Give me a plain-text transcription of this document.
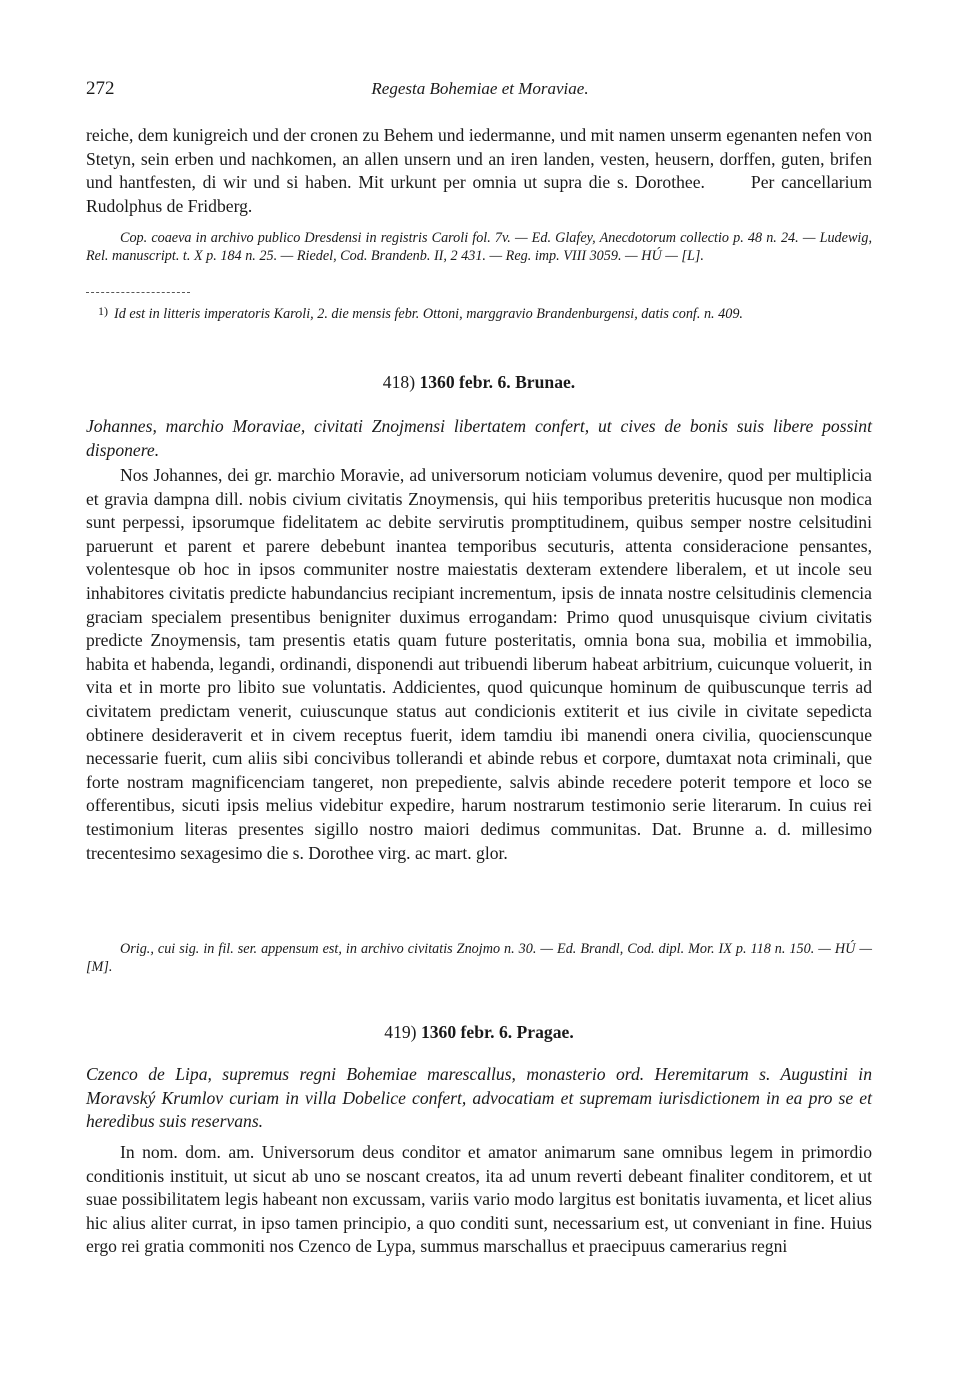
272	Regesta Bohemiae et Moraviae.

reiche, dem kunigreich und der cronen zu Behem und iedermanne, und mit namen unserm egenanten nefen von Stetyn, sein erben und nachkomen, an allen unsern und an iren landen, vesten, heusern, dorffen, guten, brifen und hantfesten, di wir und si haben. Mit urkunt per omnia ut supra die s. Dorothee.	Per cancellarium Rudolphus de Fridberg.

Cop. coaeva in archivo publico Dresdensi in registris Caroli fol. 7v. — Ed. Glafey, Anecdotorum collectio p. 48 n. 24. — Ludewig, Rel. manuscript. t. X p. 184 n. 25. — Riedel, Cod. Brandenb. II, 2 431. — Reg. imp. VIII 3059. — HÚ — [L].

1) Id est in litteris imperatoris Karoli, 2. die mensis febr. Ottoni, marggravio Brandenburgensi, datis conf. n. 409.

418) 1360 febr. 6. Brunae.

Johannes, marchio Moraviae, civitati Znojmensi libertatem confert, ut cives de bonis suis libere possint disponere.

Nos Johannes, dei gr. marchio Moravie, ad universorum noticiam volumus devenire, quod per multiplicia et gravia dampna dill. nobis civium civitatis Znoymensis, qui hiis temporibus preteritis hucusque non modica sunt perpessi, ipsorumque fidelitatem ac debite servirutis promptitudinem, quibus semper nostre celsitudini paruerunt et parent et parere debebunt inantea temporibus secuturis, attenta consideracione pensantes, volentesque ob hoc in ipsos communiter nostre maiestatis dexteram extendere liberalem, et ut incole seu inhabitores civitatis predicte habundancius recipiant incrementum, ipsis de innata nostre celsitudinis clemencia graciam specialem presentibus benigniter duximus errogandam: Primo quod unusquisque civium civitatis predicte Znoymensis, tam presentis etatis quam future posteritatis, omnia bona sua, mobilia et immobilia, habita et habenda, legandi, ordinandi, disponendi aut tribuendi liberum habeat arbitrium, cuicunque voluerit, in vita et in morte pro libito sue voluntatis. Addicientes, quod quicunque hominum de quibuscunque terris ad civitatem predictam venerit, cuiuscunque status aut condicionis extiterit et ius civile in civitate sepedicta obtinere desideraverit et in civem receptus fuerit, idem tamdiu ibi manendi onera civilia, quocienscunque necessarie fuerit, cum aliis sibi concivibus tollerandi et abinde rebus et corpore, dumtaxat nota criminali, que forte nostram magnificenciam tangeret, non prepediente, salvis abinde recedere poterit tempore et loco se offerentibus, sicuti ipsis melius videbitur expedire, harum nostrarum testimonio serie literarum. In cuius rei testimonium literas presentes sigillo nostro maiori dedimus communitas. Dat. Brunne a. d. millesimo trecentesimo sexagesimo die s. Dorothee virg. ac mart. glor.

Orig., cui sig. in fil. ser. appensum est, in archivo civitatis Znojmo n. 30. — Ed. Brandl, Cod. dipl. Mor. IX p. 118 n. 150. — HÚ — [M].

419) 1360 febr. 6. Pragae.

Czenco de Lipa, supremus regni Bohemiae marescallus, monasterio ord. Heremitarum s. Augustini in Moravský Krumlov curiam in villa Dobelice confert, advocatiam et supremam iurisdictionem in ea pro se et heredibus suis reservans.

In nom. dom. am. Universorum deus conditor et amator animarum sane omnibus legem in primordio conditionis instituit, ut sicut ab uno se noscant creatos, ita ad unum reverti debeant finaliter conditorem, et ut suae possibilitatem legis habeant non excussam, variis vario modo largitus est bonitatis iuvamenta, et licet alius hic alius aliter currat, in ipso tamen principio, a quo conditi sunt, necessarium est, ut conveniant in fine. Huius ergo rei gratia commoniti nos Czenco de Lypa, summus marschallus et praecipuus camerarius regni
